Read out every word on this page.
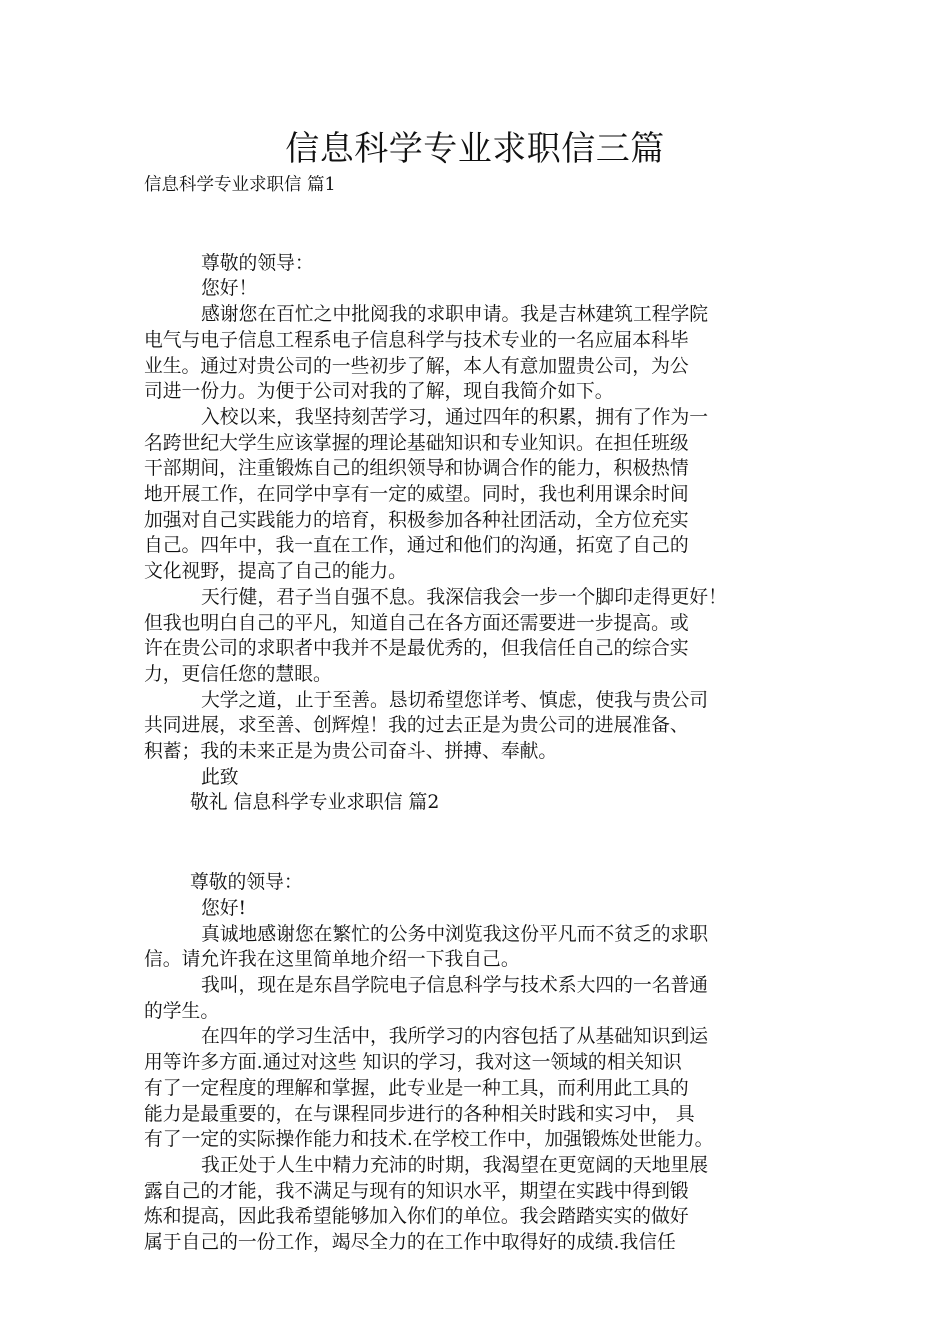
信息科学专业求职信三篇
信息科学专业求职信 篇1
尊敬的领导：
您好！
感谢您在百忙之中批阅我的求职申请。我是吉林建筑工程学院
电气与电子信息工程系电子信息科学与技术专业的一名应届本科毕
业生。通过对贵公司的一些初步了解，本人有意加盟贵公司，为公
司进一份力。为便于公司对我的了解，现自我简介如下。
入校以来，我坚持刻苦学习，通过四年的积累，拥有了作为一
名跨世纪大学生应该掌握的理论基础知识和专业知识。在担任班级
干部期间，注重锻炼自己的组织领导和协调合作的能力，积极热情
地开展工作，在同学中享有一定的威望。同时，我也利用课余时间
加强对自己实践能力的培育，积极参加各种社团活动，全方位充实
自己。四年中，我一直在工作，通过和他们的沟通，拓宽了自己的
文化视野，提高了自己的能力。
天行健，君子当自强不息。我深信我会一步一个脚印走得更好！
但我也明白自己的平凡，知道自己在各方面还需要进一步提高。或
许在贵公司的求职者中我并不是最优秀的，但我信任自己的综合实
力，更信任您的慧眼。
大学之道，止于至善。恳切希望您详考、慎虑，使我与贵公司
共同进展，求至善、创辉煌！我的过去正是为贵公司的进展准备、
积蓄；我的未来正是为贵公司奋斗、拼搏、奉献。
此致
敬礼 信息科学专业求职信 篇2
尊敬的领导：
您好!
真诚地感谢您在繁忙的公务中浏览我这份平凡而不贫乏的求职
信。请允许我在这里简单地介绍一下我自己。
我叫，现在是东昌学院电子信息科学与技术系大四的一名普通
的学生。
在四年的学习生活中，我所学习的内容包括了从基础知识到运
用等许多方面.通过对这些 知识的学习，我对这一领域的相关知识
有了一定程度的理解和掌握，此专业是一种工具，而利用此工具的
能力是最重要的，在与课程同步进行的各种相关时践和实习中， 具
有了一定的实际操作能力和技术.在学校工作中，加强锻炼处世能力。
我正处于人生中精力充沛的时期，我渴望在更宽阔的天地里展
露自己的才能，我不满足与现有的知识水平，期望在实践中得到锻
炼和提高，因此我希望能够加入你们的单位。我会踏踏实实的做好
属于自己的一份工作，竭尽全力的在工作中取得好的成绩.我信任
